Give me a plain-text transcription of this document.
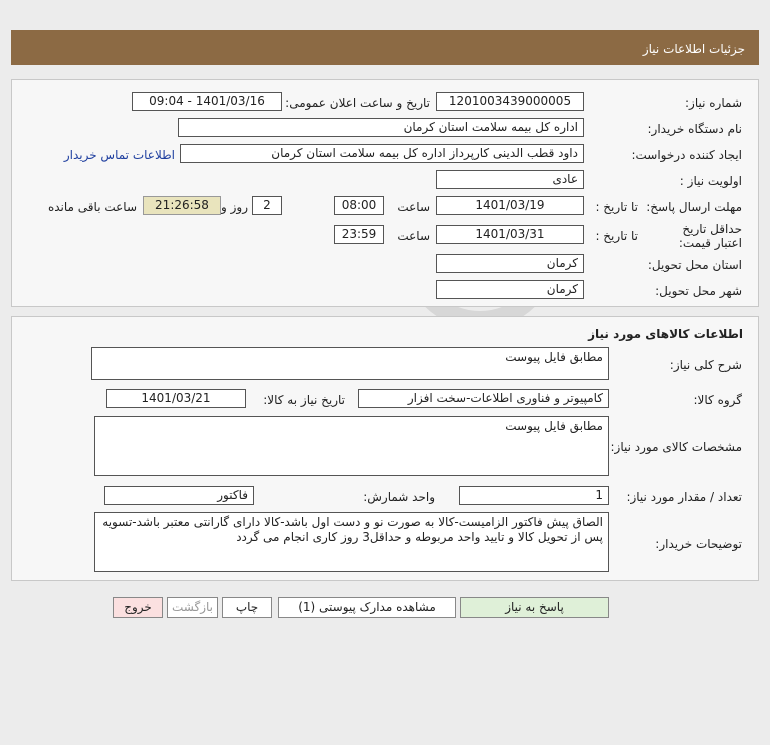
جزئیات اطلاعات نیاز
شماره نیاز:
1201003439000005
تاریخ و ساعت اعلان عمومی:
1401/03/16 - 09:04
نام دستگاه خریدار:
اداره کل بیمه سلامت استان کرمان
ایجاد کننده درخواست:
داود قطب الدینی کارپرداز اداره کل بیمه سلامت استان کرمان
اطلاعات تماس خریدار
اولویت نیاز :
عادی
مهلت ارسال پاسخ:
تا تاریخ :
1401/03/19
ساعت
08:00
2
روز و
21:26:58
ساعت باقی مانده
حداقل تاریخ اعتبار قیمت:
تا تاریخ :
1401/03/31
ساعت
23:59
استان محل تحویل:
کرمان
شهر محل تحویل:
کرمان
اطلاعات کالاهای مورد نیاز
شرح کلی نیاز:
مطابق فایل پیوست
گروه کالا:
کامپیوتر و فناوری اطلاعات-سخت افزار
تاریخ نیاز به کالا:
1401/03/21
مشخصات کالای مورد نیاز:
مطابق فایل پیوست
تعداد / مقدار مورد نیاز:
1
واحد شمارش:
فاکتور
توضیحات خریدار:
الصاق پیش فاکتور الزامیست-کالا به صورت نو و دست اول باشد-کالا دارای گارانتی معتبر باشد-تسویه پس از تحویل کالا و تایید واحد مربوطه و حداقل3 روز کاری انجام می گردد
پاسخ به نیاز
مشاهده مدارک پیوستی (1)
چاپ
بازگشت
خروج
